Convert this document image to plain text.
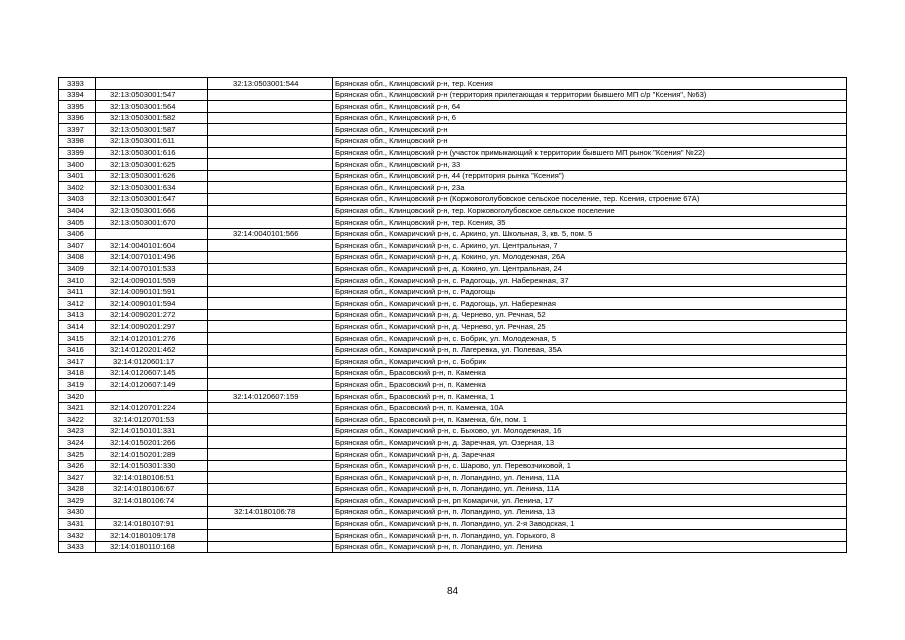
3393		32:13:0503001:544	Брянская обл., Клинцовский р-н, тер. Ксения
3394	32:13:0503001:547		Брянская обл., Клинцовский р-н (территория прилегающая к территории бывшего МП с/р "Ксения", №63)
3395	32:13:0503001:564		Брянская обл., Клинцовский р-н, 64
3396	32:13:0503001:582		Брянская обл., Клинцовский р-н, 6
3397	32:13:0503001:587		Брянская обл., Клинцовский р-н
3398	32:13:0503001:611		Брянская обл., Клинцовский р-н
3399	32:13:0503001:616		Брянская обл., Клинцовский р-н (участок примыкающий к территории бывшего МП рынок "Ксения" №22)
3400	32:13:0503001:625		Брянская обл., Клинцовский р-н, 33
3401	32:13:0503001:626		Брянская обл., Клинцовский р-н, 44 (территория рынка "Ксения")
3402	32:13:0503001:634		Брянская обл., Клинцовский р-н, 23а
3403	32:13:0503001:647		Брянская обл., Клинцовский р-н (Коржовоголубовское сельское поселение, тер. Ксения, строение 67А)
3404	32:13:0503001:666		Брянская обл., Клинцовский р-н, тер. Коржовоголубовское сельское поселение
3405	32:13:0503001:670		Брянская обл., Клинцовский р-н, тер. Ксения, 35
3406		32:14:0040101:566	Брянская обл., Комаричский р-н, с. Аркино, ул. Школьная, 3, кв. 5, пом. 5
3407	32:14:0040101:604		Брянская обл., Комаричский р-н, с. Аркино, ул. Центральная, 7
3408	32:14:0070101:496		Брянская обл., Комаричский р-н, д. Кокино, ул. Молодежная, 26А
3409	32:14:0070101:533		Брянская обл., Комаричский р-н, д. Кокино, ул. Центральная, 24
3410	32:14:0090101:559		Брянская обл., Комаричский р-н, с. Радогощь, ул. Набережная, 37
3411	32:14:0090101:591		Брянская обл., Комаричский р-н, с. Радогощь
3412	32:14:0090101:594		Брянская обл., Комаричский р-н, с. Радогощь, ул. Набережная
3413	32:14:0090201:272		Брянская обл., Комаричский р-н, д. Черневo, ул. Речная, 52
3414	32:14:0090201:297		Брянская обл., Комаричский р-н, д. Чернево, ул. Речная, 25
3415	32:14:0120101:276		Брянская обл., Комаричский р-н, с. Бобрик, ул. Молодежная, 5
3416	32:14:0120201:462		Брянская обл., Комаричский р-н, п. Лагеревка, ул. Полевая, 35А
3417	32:14:0120601:17		Брянская обл., Комаричский р-н, с. Бобрик
3418	32:14:0120607:145		Брянская обл., Брасовский р-н, п. Каменка
3419	32:14:0120607:149		Брянская обл., Брасовский р-н, п. Каменка
3420		32:14:0120607:159	Брянская обл., Брасовский р-н, п. Каменка, 1
3421	32:14:0120701:224		Брянская обл., Брасовский р-н, п. Каменка, 10А
3422	32:14:0120701:53		Брянская обл., Брасовский р-н, п. Каменка, б/н, пом. 1
3423	32:14:0150101:331		Брянская обл., Комаричский р-н, с. Быхово, ул. Молодежная, 16
3424	32:14:0150201:266		Брянская обл., Комаричский р-н, д. Заречная, ул. Озерная, 13
3425	32:14:0150201:289		Брянская обл., Комаричский р-н, д. Заречная
3426	32:14:0150301:330		Брянская обл., Комаричский р-н, с. Шарово, ул. Перевозчиковой, 1
3427	32:14:0180106:51		Брянская обл., Комаричский р-н, п. Лопандино, ул. Ленина, 11А
3428	32:14:0180106:67		Брянская обл., Комаричский р-н, п. Лопандино, ул. Ленина, 11А
3429	32:14:0180106:74		Брянская обл., Комаричский р-н, рп Комаричи, ул. Ленина, 17
3430		32:14:0180106:78	Брянская обл., Комаричский р-н, п. Лопандино, ул. Ленина, 13
3431	32:14:0180107:91		Брянская обл., Комаричский р-н, п. Лопандино, ул. 2-я Заводская, 1
3432	32:14:0180109:178		Брянская обл., Комаричский р-н, п. Лопандино, ул. Горького, 8
3433	32:14:0180110:168		Брянская обл., Комаричский р-н, п. Лопандино, ул. Ленина
84
